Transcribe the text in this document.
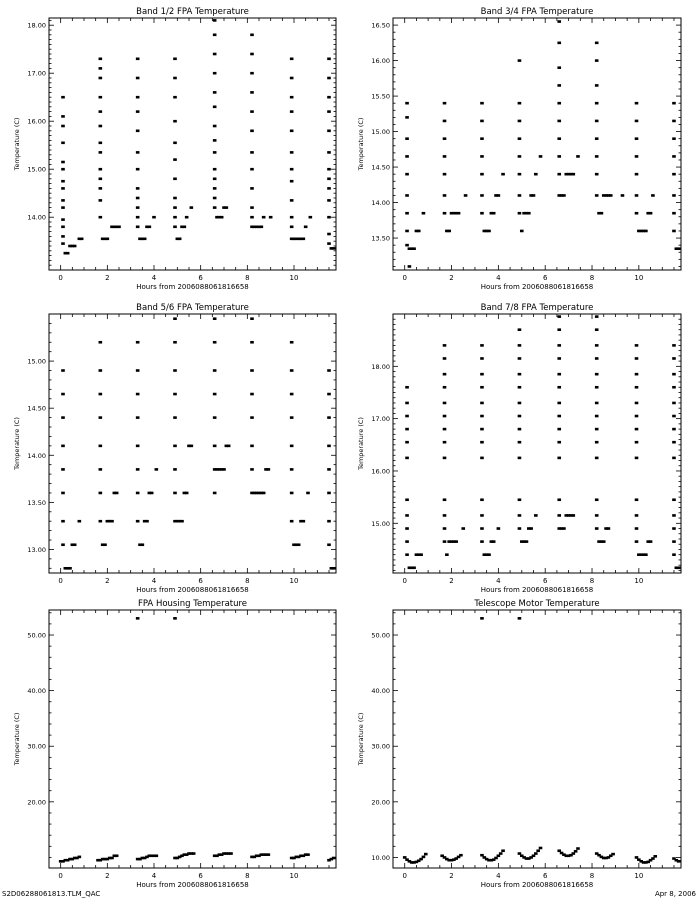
Band 1/2 FPA Temperature
Hours from 2006088061816658
Temperature (C)
0	2	4	6	8	10
14.00
15.00
16.00
17.00
18.00
Band 3/4 FPA Temperature
Hours from 2006088061816658
Temperature (C)
0	2	4	6	8	10
13.50
14.00
14.50
15.00
15.50
16.00
16.50
Band 5/6 FPA Temperature
Hours from 2006088061816658
Temperature (C)
0	2	4	6	8	10
13.00
13.50
14.00
14.50
15.00
Band 7/8 FPA Temperature
Hours from 2006088061816658
Temperature (C)
0	2	4	6	8	10
15.00
16.00
17.00
18.00
FPA Housing Temperature
Hours from 2006088061816658
Temperature (C)
0	2	4	6	8	10
20.00
30.00
40.00
50.00
Telescope Motor Temperature
Hours from 2006088061816658
Temperature (C)
0	2	4	6	8	10
10.00
20.00
30.00
40.00
50.00
S2D06288061813.TLM_QAC	Apr 8, 2006
